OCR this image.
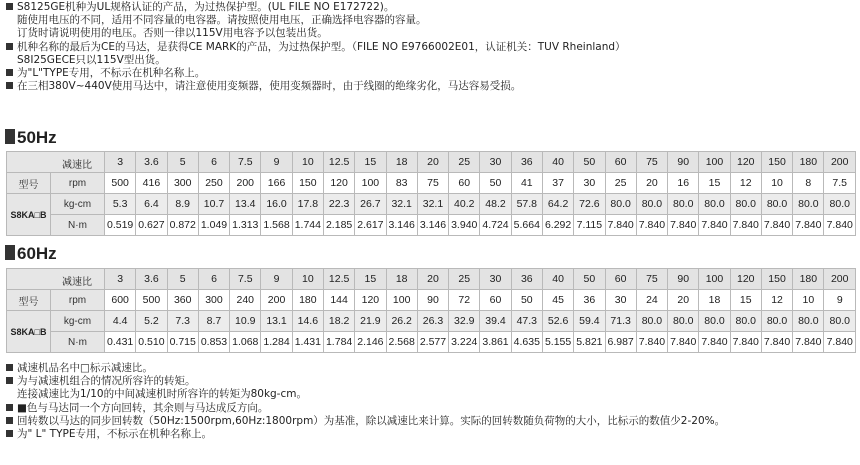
S8125GE机种为UL规格认证的产品，为过热保护型。(UL FILE NO E172722)。
随使用电压的不同，适用不同容量的电容器。请按照使用电压，正确选择电容器的容量。
订货时请说明使用的电压。否则一律以115V用电容予以包装出货。
机种名称的最后为CE的马达，是获得CE MARK的产品，为过热保护型。（FILE NO E9766002E01，认证机关：TUV Rheinland）
S8I25GECE只以115V型出货。
为"L"TYPE专用，不标示在机种名称上。
在三相380V~440V使用马达中，请注意使用变频器，使用变频器时，由于线圈的绝缘劣化，马达容易受损。
50Hz
减速比		3	3.6	5	6	7.5	9	10	12.5	15	18	20	25	30	36	40	50	60	75	90	100	120	150	180	200
型号	rpm	500	416	300	250	200	166	150	120	100	83	75	60	50	41	37	30	25	20	16	15	12	10	8	7.5
S8KA□B	kg-cm	5.3	6.4	8.9	10.7	13.4	16.0	17.8	22.3	26.7	32.1	32.1	40.2	48.2	57.8	64.2	72.6	80.0	80.0	80.0	80.0	80.0	80.0	80.0	80.0
	N·m	0.519	0.627	0.872	1.049	1.313	1.568	1.744	2.185	2.617	3.146	3.146	3.940	4.724	5.664	6.292	7.115	7.840	7.840	7.840	7.840	7.840	7.840	7.840	7.840
60Hz
减速比		3	3.6	5	6	7.5	9	10	12.5	15	18	20	25	30	36	40	50	60	75	90	100	120	150	180	200
型号	rpm	600	500	360	300	240	200	180	144	120	100	90	72	60	50	45	36	30	24	20	18	15	12	10	9
S8KA□B	kg-cm	4.4	5.2	7.3	8.7	10.9	13.1	14.6	18.2	21.9	26.2	26.3	32.9	39.4	47.3	52.6	59.4	71.3	80.0	80.0	80.0	80.0	80.0	80.0	80.0
	N·m	0.431	0.510	0.715	0.853	1.068	1.284	1.431	1.784	2.146	2.568	2.577	3.224	3.861	4.635	5.155	5.821	6.987	7.840	7.840	7.840	7.840	7.840	7.840	7.840
减速机品名中□标示减速比。
为与减速机组合的情况所容许的转矩。
连接减速比为1/10的中间减速机时所容许的转矩为80kg-cm。
■色与马达同一个方向回转，其余则与马达成反方向。
回转数以马达的同步回转数（50Hz:1500rpm,60Hz:1800rpm）为基准，除以减速比来计算。实际的回转数随负荷物的大小，比标示的数值少2-20%。
为" L" TYPE专用，不标示在机种名称上。
